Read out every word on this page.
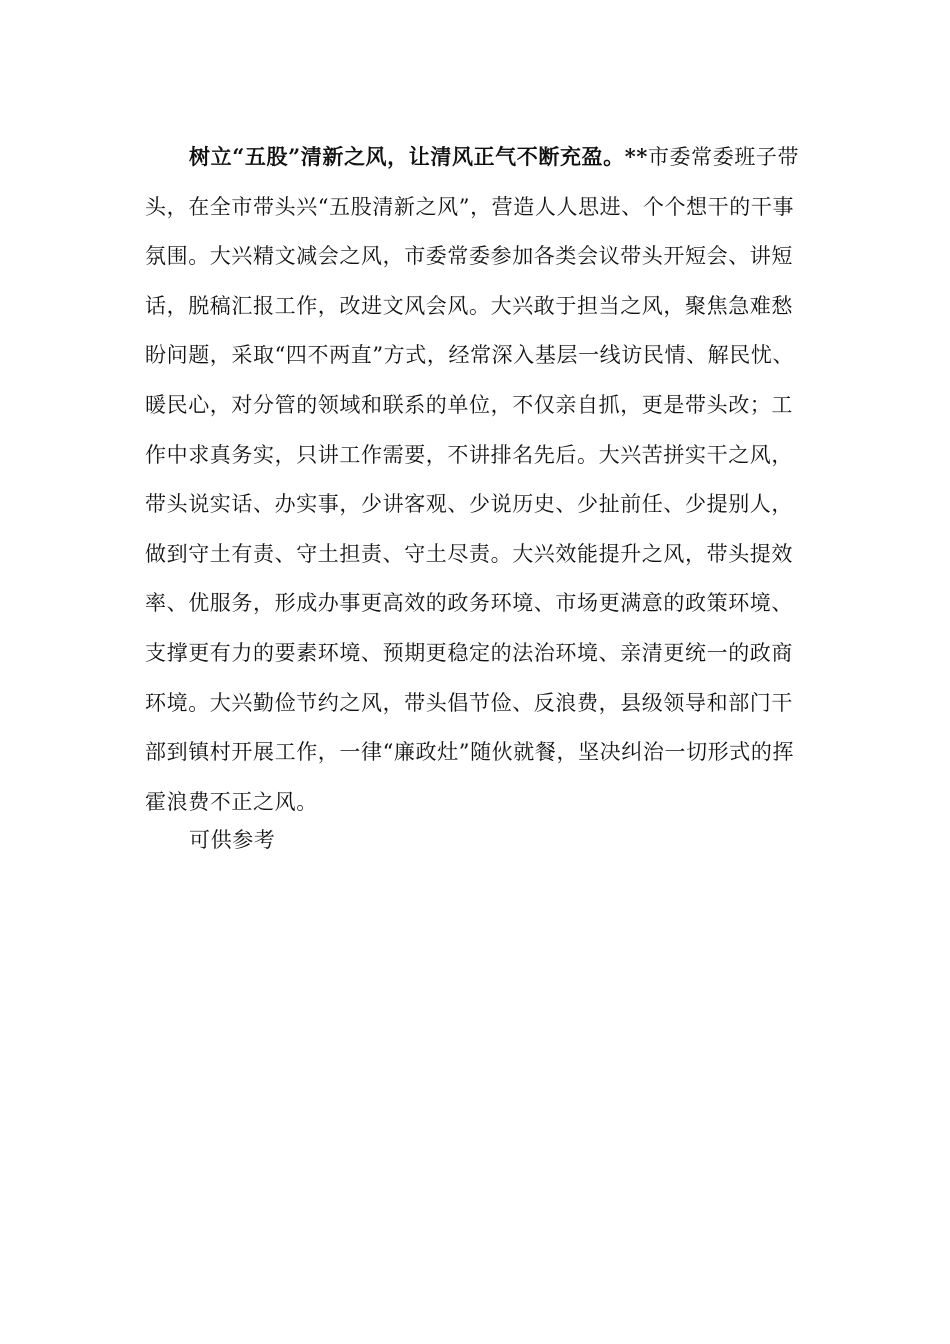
树立“五股”清新之风，让清风正气不断充盈。**市委常委班子带头，在全市带头兴“五股清新之风”，营造人人思进、个个想干的干事氛围。大兴精文减会之风，市委常委参加各类会议带头开短会、讲短话，脱稿汇报工作，改进文风会风。大兴敢于担当之风，聚焦急难愁盼问题，采取“四不两直”方式，经常深入基层一线访民情、解民忧、暖民心，对分管的领域和联系的单位，不仅亲自抓，更是带头改；工作中求真务实，只讲工作需要，不讲排名先后。大兴苦拼实干之风，带头说实话、办实事，少讲客观、少说历史、少扯前任、少提别人，做到守土有责、守土担责、守土尽责。大兴效能提升之风，带头提效率、优服务，形成办事更高效的政务环境、市场更满意的政策环境、支撑更有力的要素环境、预期更稳定的法治环境、亲清更统一的政商环境。大兴勤俭节约之风，带头倡节俭、反浪费，县级领导和部门干部到镇村开展工作，一律“廉政灶”随伙就餐，坚决纠治一切形式的挥霍浪费不正之风。

可供参考
